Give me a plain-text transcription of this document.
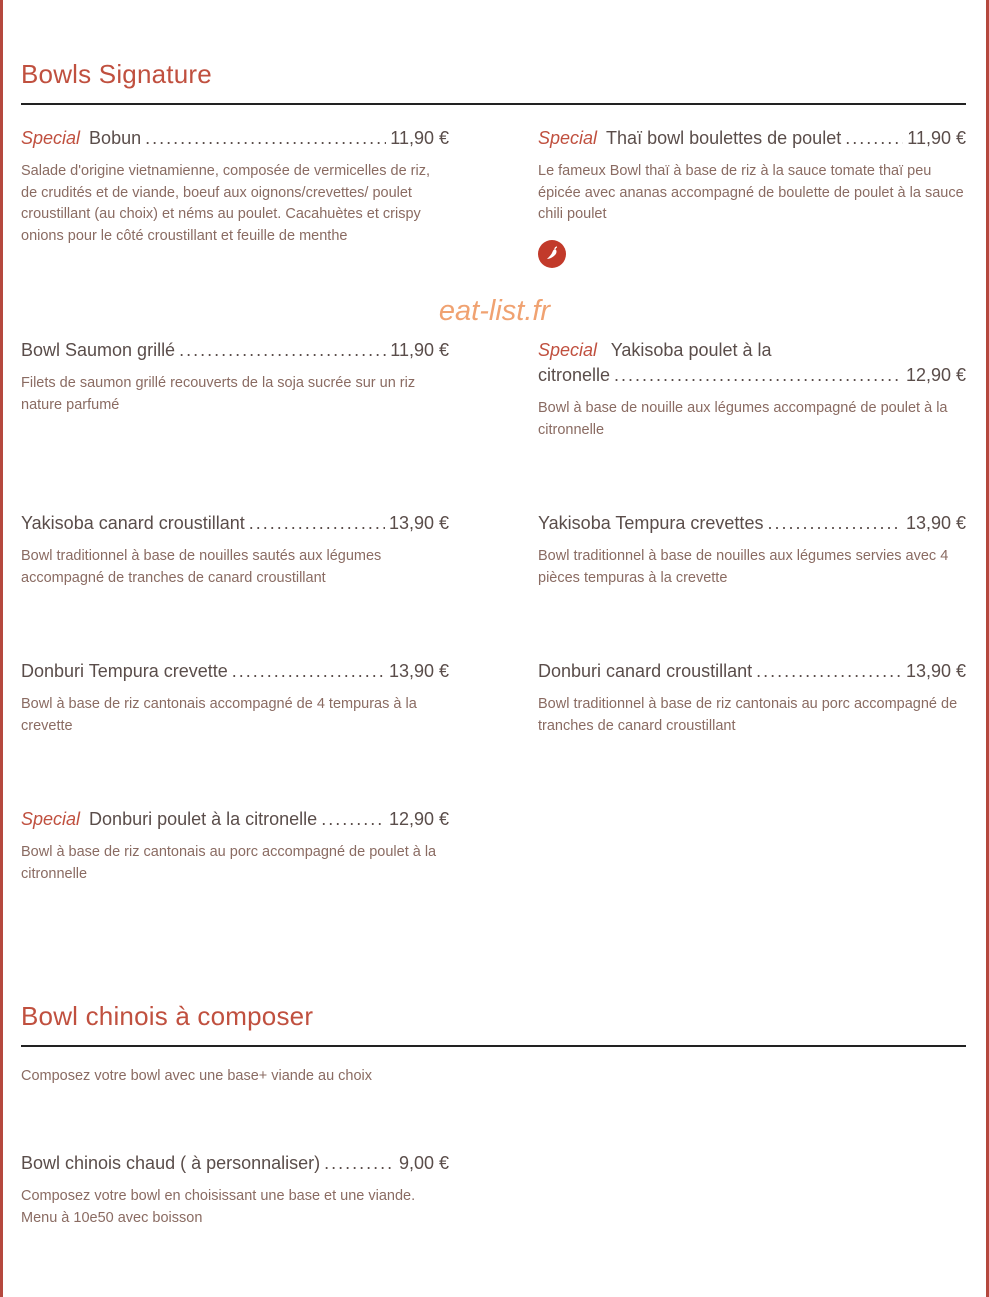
Bowls Signature
Special Bobun .....	11,90 €
Salade d'origine vietnamienne, composée de vermicelles de riz, de crudités et de viande, boeuf aux oignons/crevettes/ poulet croustillant (au choix) et néms au poulet. Cacahuètes et crispy onions pour le côté croustillant et feuille de menthe
Special Thaï bowl boulettes de poulet .....	11,90 €
Le fameux Bowl thaï à base de riz à la sauce tomate thaï peu épicée avec ananas accompagné de boulette de poulet à la sauce chili poulet
eat-list.fr
Bowl Saumon grillé .....	11,90 €
Filets de saumon grillé recouverts de la soja sucrée sur un riz nature parfumé
Special Yakisoba poulet à la
citronelle .....	12,90 €
Bowl à base de nouille aux légumes accompagné de poulet à la citronnelle
Yakisoba canard croustillant .....	13,90 €
Bowl traditionnel à base de nouilles sautés aux légumes accompagné de tranches de canard croustillant
Yakisoba Tempura crevettes .....	13,90 €
Bowl traditionnel à base de nouilles aux légumes servies avec 4 pièces tempuras à la crevette
Donburi Tempura crevette .....	13,90 €
Bowl à base de riz cantonais accompagné de 4 tempuras à la crevette
Donburi canard croustillant .....	13,90 €
Bowl traditionnel à base de riz cantonais au porc accompagné de tranches de canard croustillant
Special Donburi poulet à la citronelle .....	12,90 €
Bowl à base de riz cantonais au porc accompagné de poulet à la citronnelle
Bowl chinois à composer
Composez votre bowl avec une base+ viande au choix
Bowl chinois chaud ( à personnaliser) .....	9,00 €
Composez votre bowl en choisissant une base et une viande. Menu à 10e50 avec boisson
